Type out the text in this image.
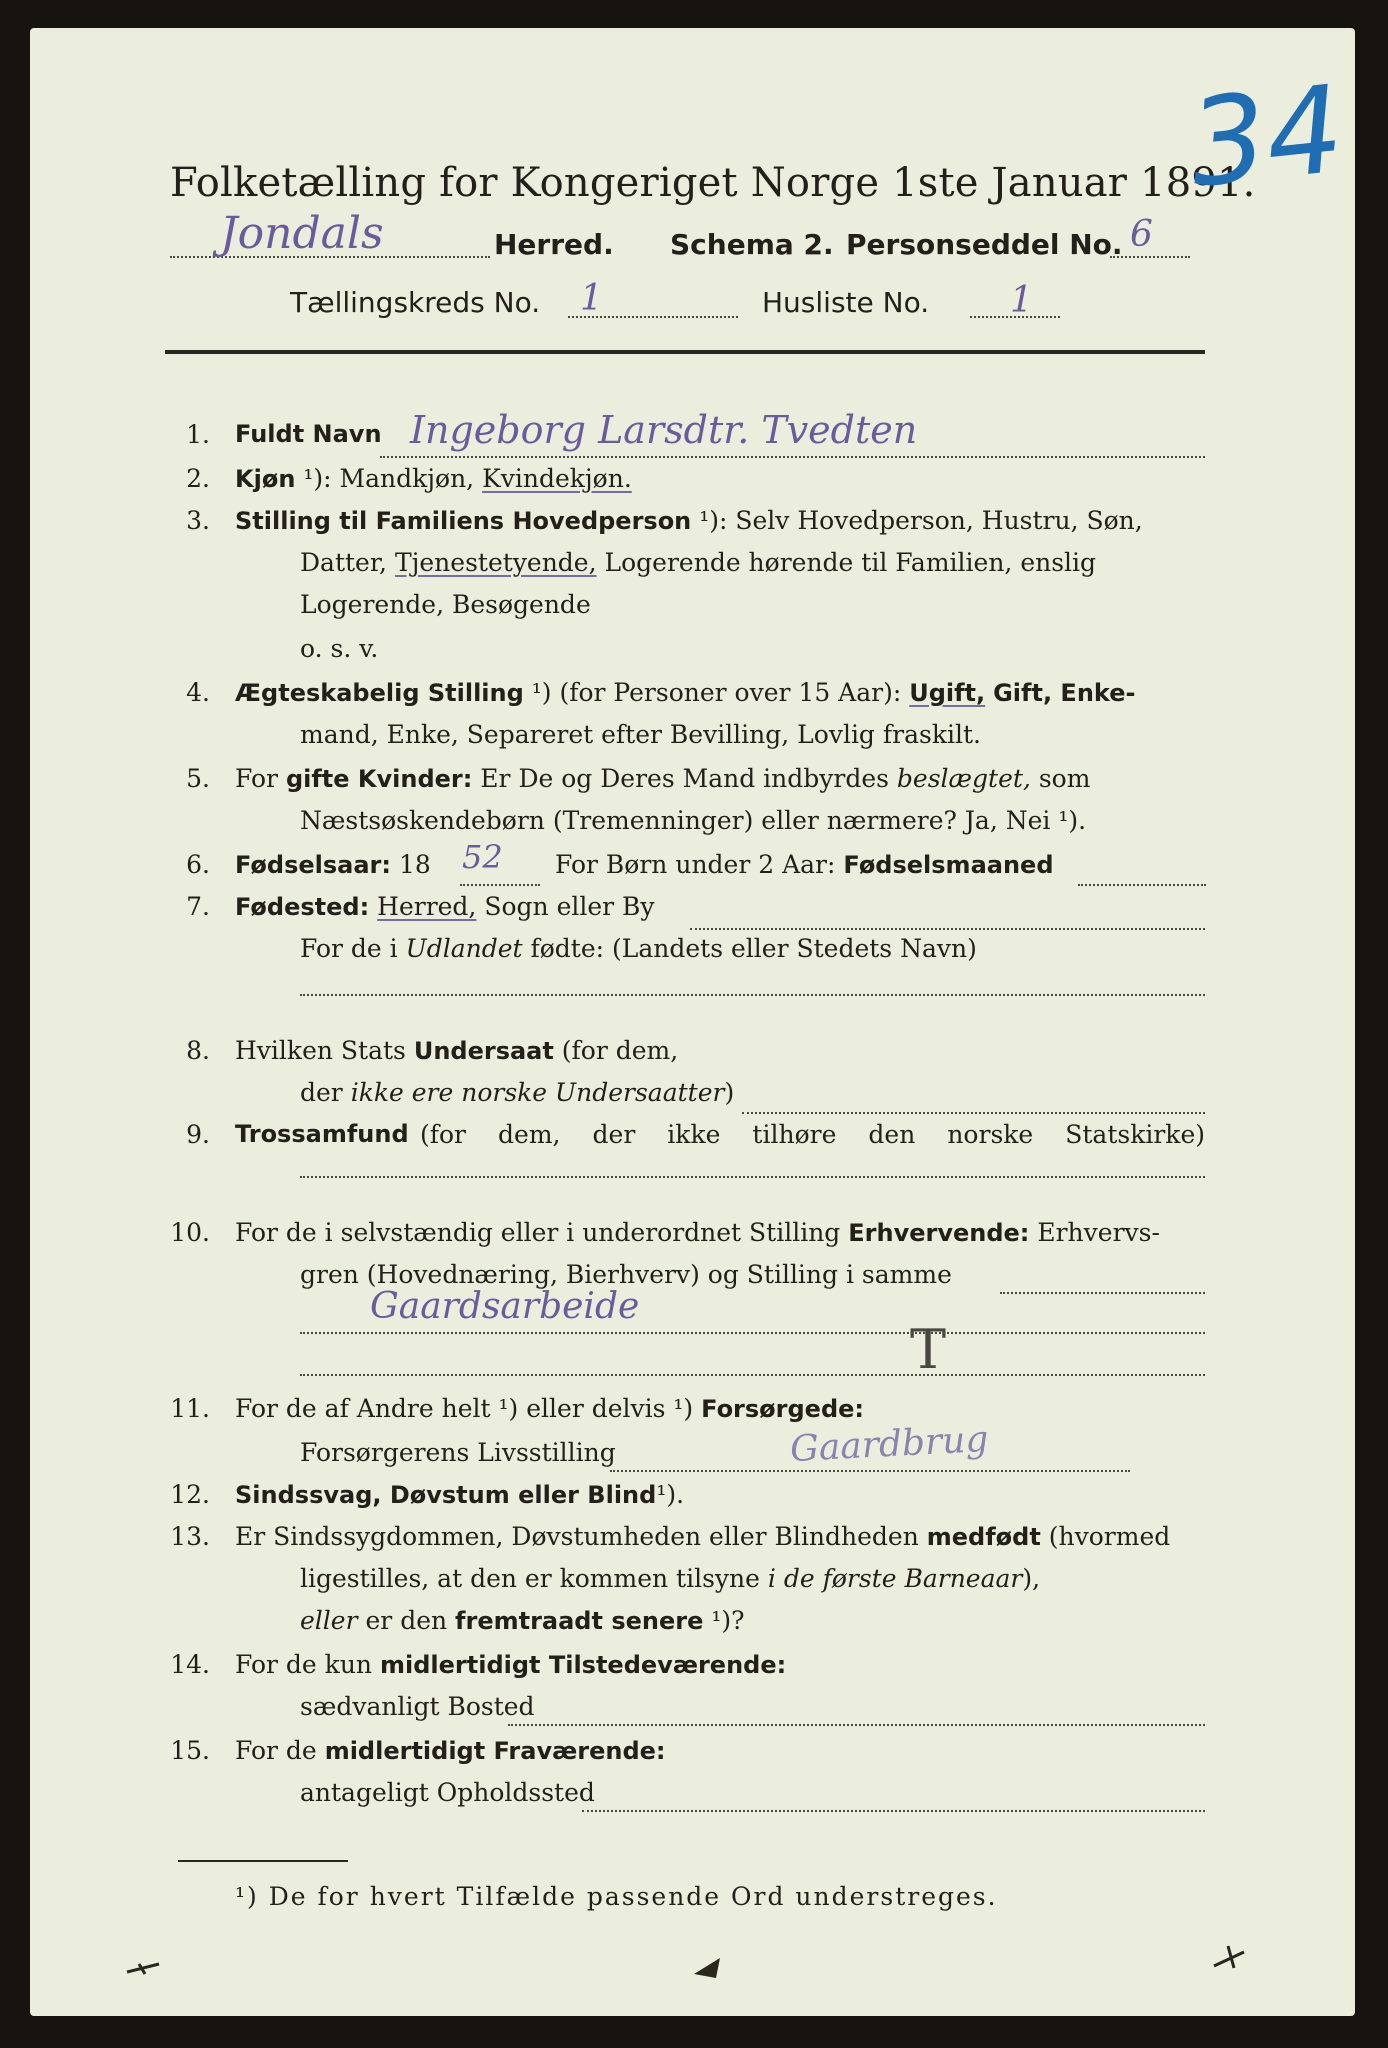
Folketælling for Kongeriget Norge 1ste Januar 1891.
34
Jondals	Herred. Schema 2. Personseddel No. 6
Tællingskreds No. 1	Husliste No. 1
1. Fuldt Navn Ingeborg Larsdtr. Tvedten
2. Kjøn ¹): Mandkjøn, Kvindekjøn.
3. Stilling til Familiens Hovedperson ¹): Selv Hovedperson, Hustru, Søn,
Datter, Tjenestetyende, Logerende hørende til Familien, enslig
Logerende, Besøgende
o. s. v.
4. Ægteskabelig Stilling ¹) (for Personer over 15 Aar): Ugift, Gift, Enke-
mand, Enke, Separeret efter Bevilling, Lovlig fraskilt.
5. For gifte Kvinder: Er De og Deres Mand indbyrdes beslægtet, som
Næstsøskendebørn (Tremenninger) eller nærmere? Ja, Nei ¹).
6. Fødselsaar: 18	For Børn under 2 Aar: Fødselsmaaned
52
7. Fødested: Herred, Sogn eller By
For de i Udlandet fødte: (Landets eller Stedets Navn)
8. Hvilken Stats Undersaat (for dem,
der ikke ere norske Undersaatter)
9. Trossamfund (for dem, der ikke tilhøre den norske Statskirke)
10. For de i selvstændig eller i underordnet Stilling Erhvervende: Erhvervs-
gren (Hovednæring, Bierhverv) og Stilling i samme
Gaardsarbeide
T
11. For de af Andre helt ¹) eller delvis ¹) Forsørgede:
Forsørgerens Livsstilling	Gaardbrug
12. Sindssvag, Døvstum eller Blind¹).
13. Er Sindssygdommen, Døvstumheden eller Blindheden medfødt (hvormed
ligestilles, at den er kommen tilsyne i de første Barneaar),
eller er den fremtraadt senere ¹)?
14. For de kun midlertidigt Tilstedeværende:
sædvanligt Bosted
15. For de midlertidigt Fraværende:
antageligt Opholdssted
¹) De for hvert Tilfælde passende Ord understreges.
